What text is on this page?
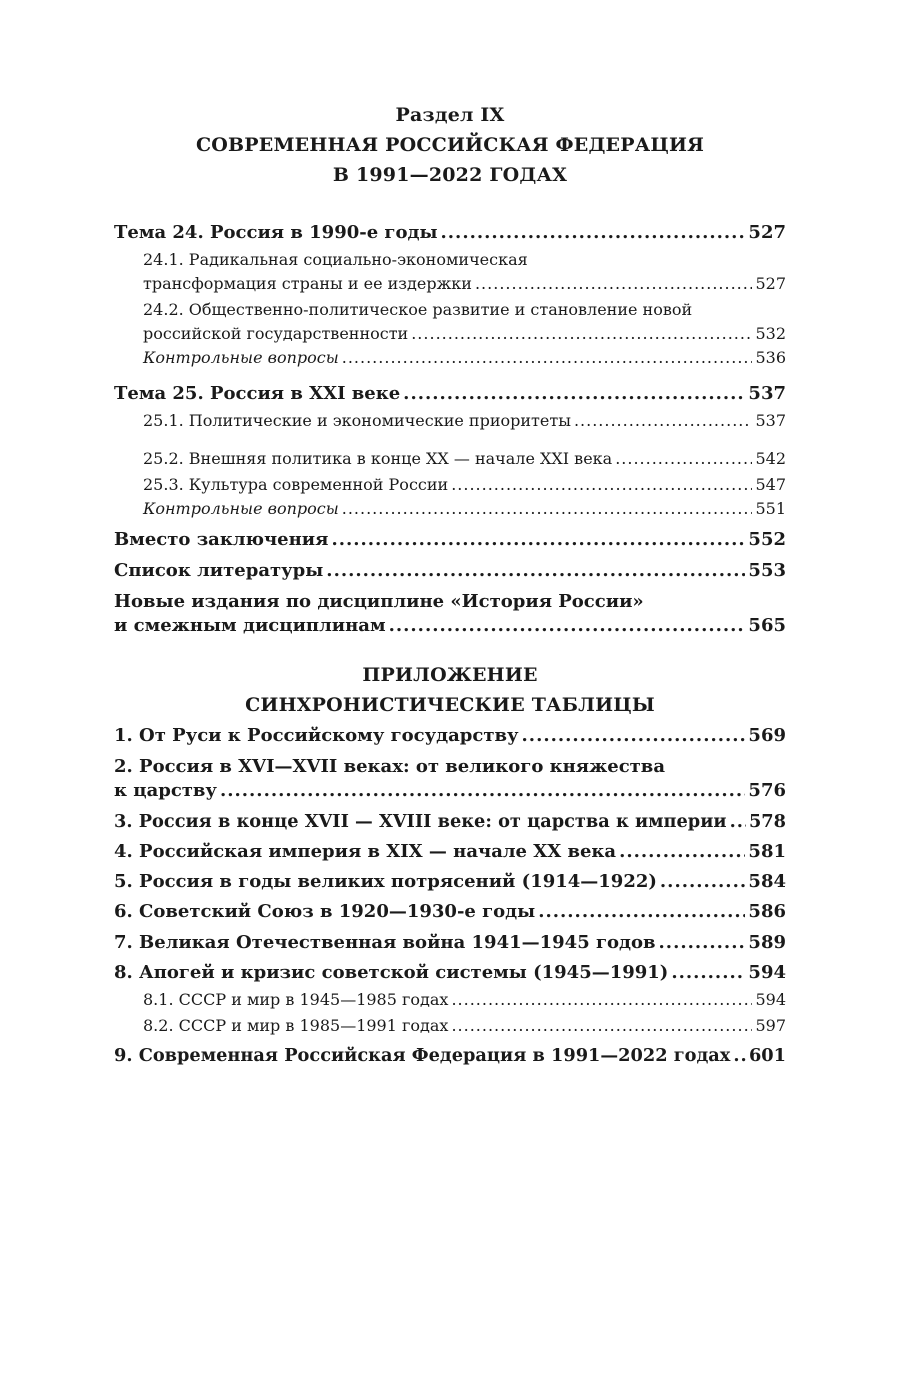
Раздел IX
СОВРЕМЕННАЯ РОССИЙСКАЯ ФЕДЕРАЦИЯ
В 1991—2022 ГОДАХ
Тема 24. Россия в 1990-е годы .....	527
24.1. Радикальная социально-экономическая
трансформация страны и ее издержки .....	527
24.2. Общественно-политическое развитие и становление новой
российской государственности .....	532
Контрольные вопросы .....	536
Тема 25. Россия в XXI веке .....	537
25.1. Политические и экономические приоритеты .....	537
25.2. Внешняя политика в конце XX — начале XXI века .....	542
25.3. Культура современной России .....	547
Контрольные вопросы .....	551
Вместо заключения .....	552
Список литературы .....	553
Новые издания по дисциплине «История России»
и смежным дисциплинам .....	565
ПРИЛОЖЕНИЕ
СИНХРОНИСТИЧЕСКИЕ ТАБЛИЦЫ
1. От Руси к Российскому государству .....	569
2. Россия в XVI—XVII веках: от великого княжества
к царству .....	576
3. Россия в конце XVII — XVIII веке: от царства к империи ..... 578
4. Российская империя в XIX — начале XX века .....	581
5. Россия в годы великих потрясений (1914—1922) .....	584
6. Советский Союз в 1920—1930-е годы .....	586
7. Великая Отечественная война 1941—1945 годов .....	589
8. Апогей и кризис советской системы (1945—1991) .....	594
8.1. СССР и мир в 1945—1985 годах .....	594
8.2. СССР и мир в 1985—1991 годах .....	597
9. Современная Российская Федерация в 1991—2022 годах ..... 601
